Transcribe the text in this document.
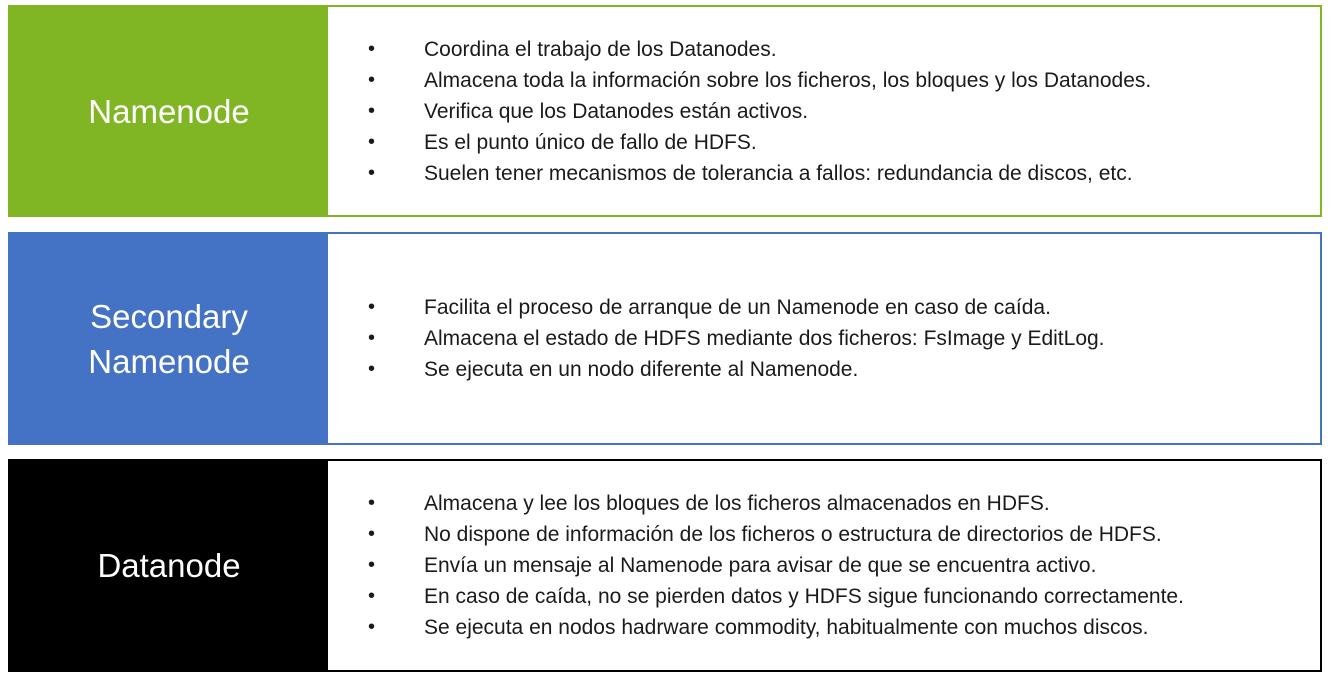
Namenode
• Coordina el trabajo de los Datanodes.
• Almacena toda la información sobre los ficheros, los bloques y los Datanodes.
• Verifica que los Datanodes están activos.
• Es el punto único de fallo de HDFS.
• Suelen tener mecanismos de tolerancia a fallos: redundancia de discos, etc.
Secondary
Namenode
• Facilita el proceso de arranque de un Namenode en caso de caída.
• Almacena el estado de HDFS mediante dos ficheros: FsImage y EditLog.
• Se ejecuta en un nodo diferente al Namenode.
Datanode
• Almacena y lee los bloques de los ficheros almacenados en HDFS.
• No dispone de información de los ficheros o estructura de directorios de HDFS.
• Envía un mensaje al Namenode para avisar de que se encuentra activo.
• En caso de caída, no se pierden datos y HDFS sigue funcionando correctamente.
• Se ejecuta en nodos hadrware commodity, habitualmente con muchos discos.
